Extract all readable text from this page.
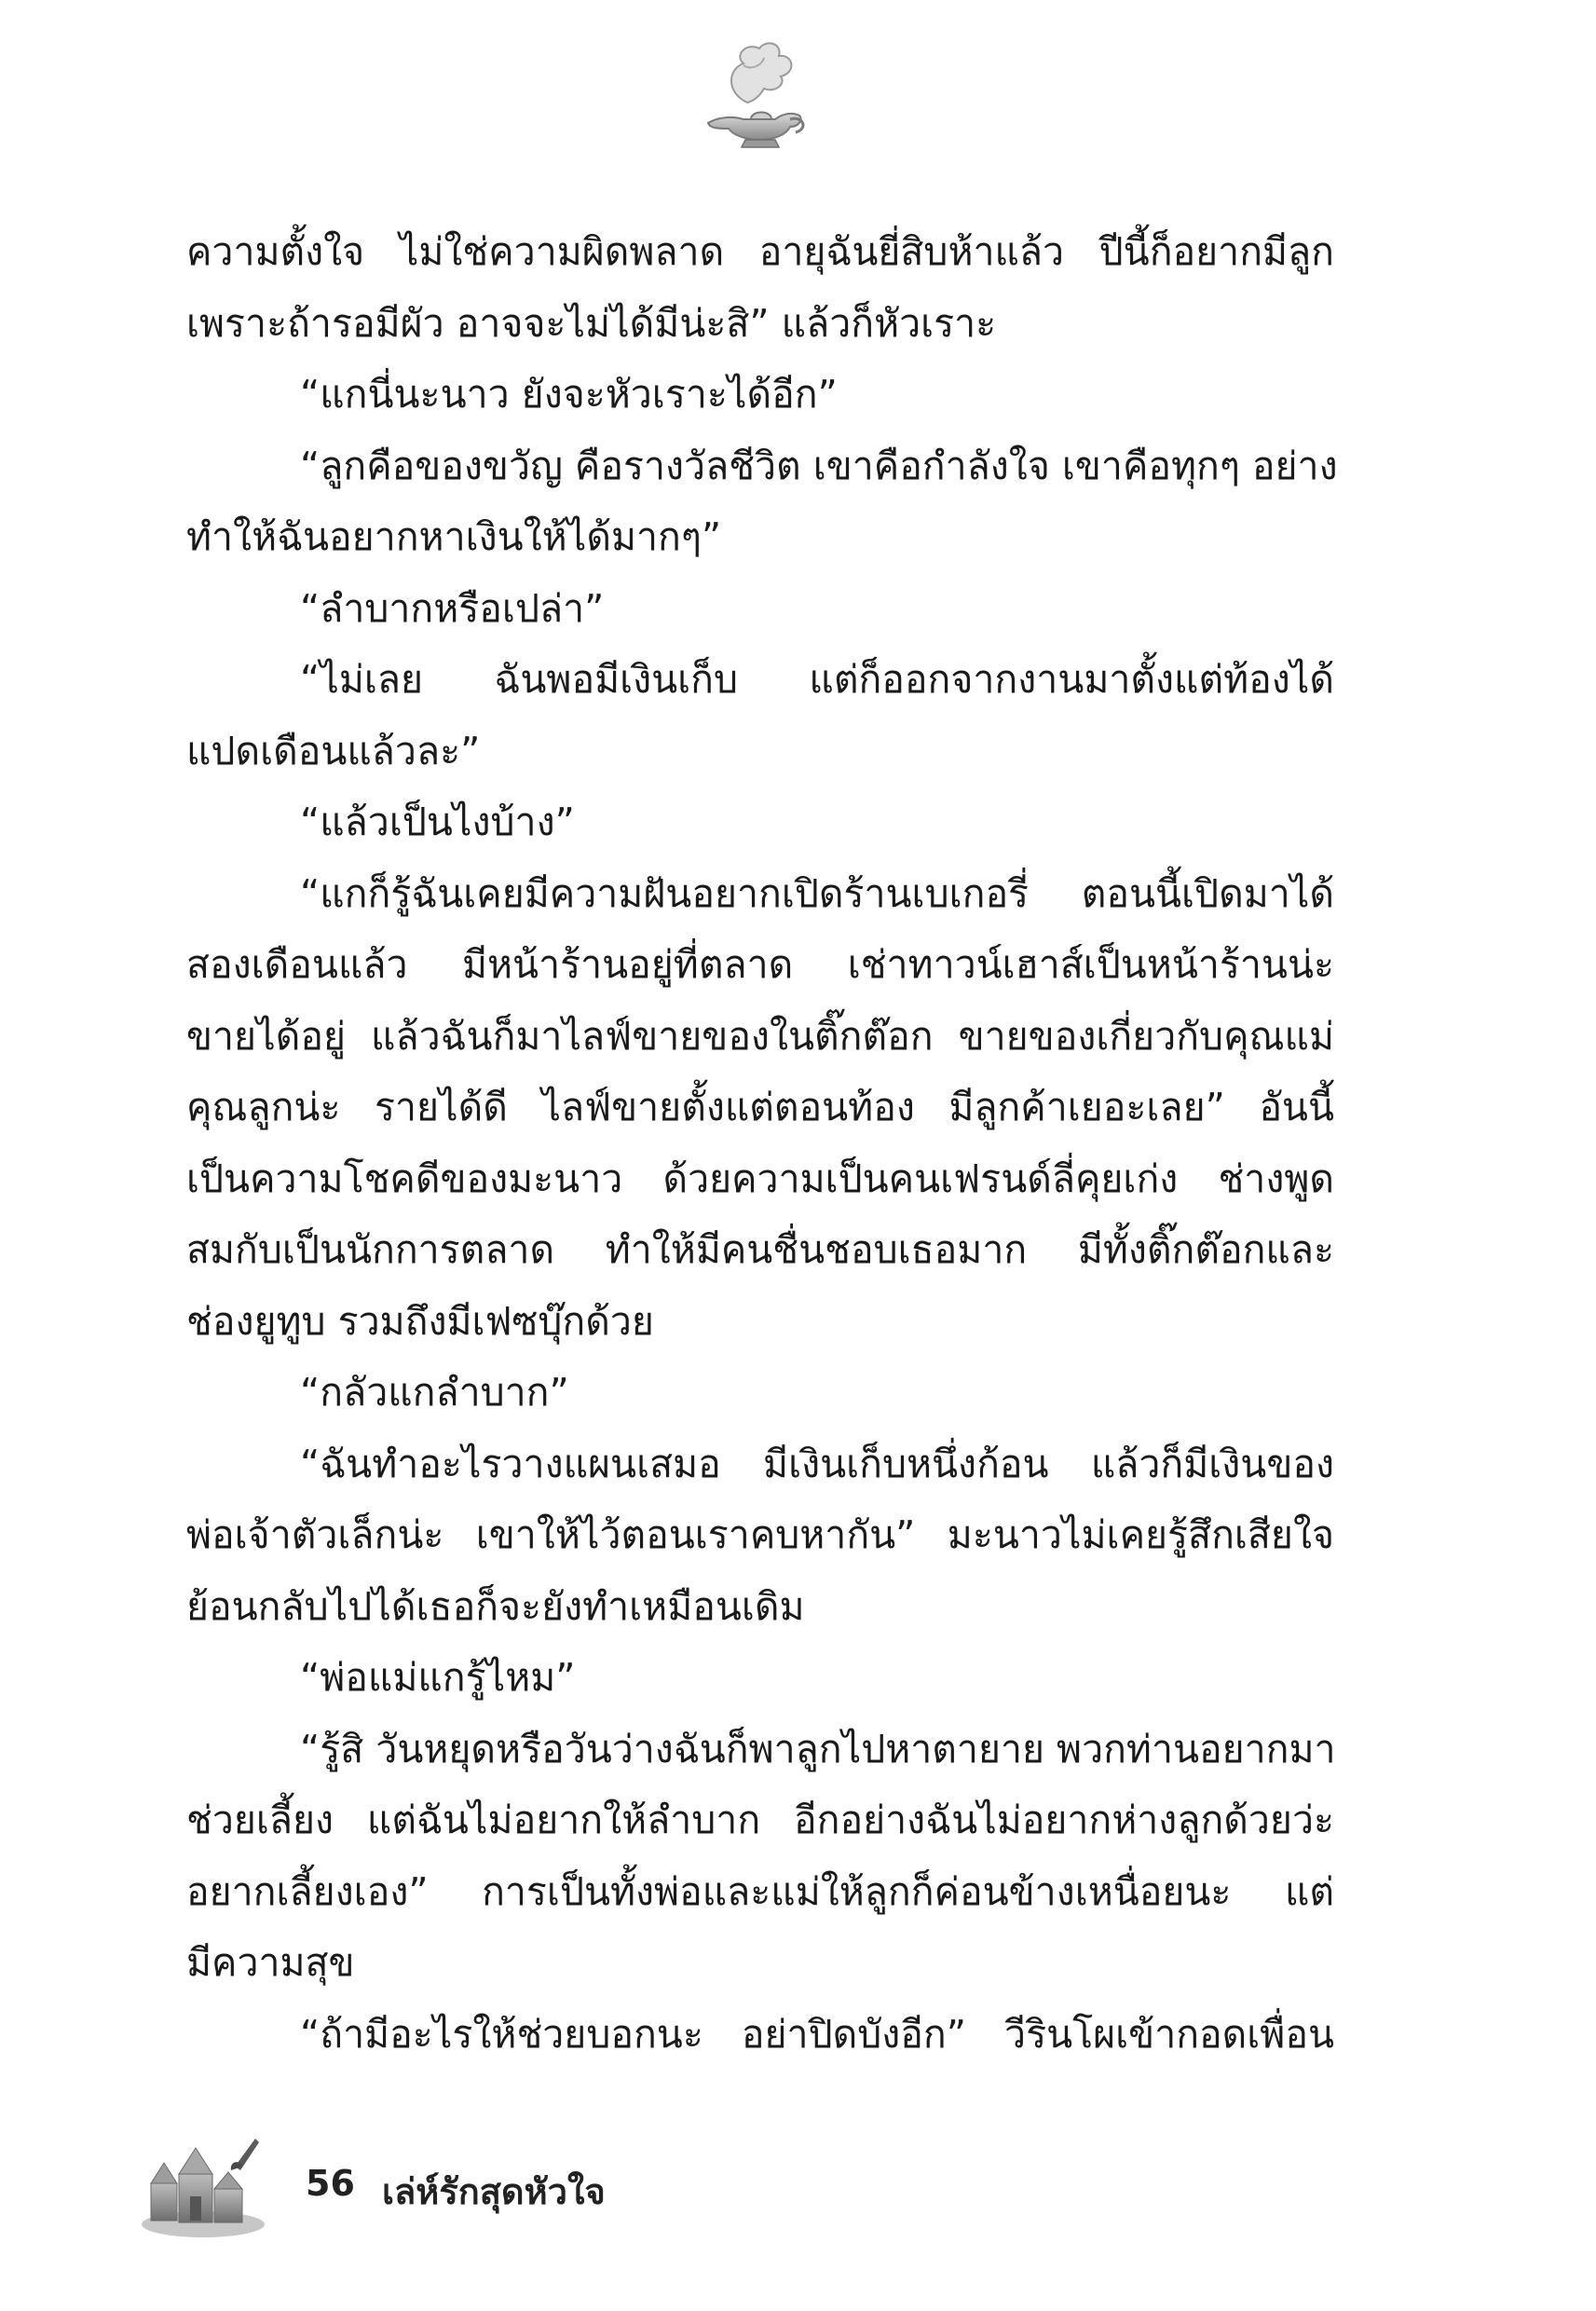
ความตั้งใจ ไม่ใช่ความผิดพลาด อายุฉันยี่สิบห้าแล้ว ปีนี้ก็อยากมีลูก
เพราะถ้ารอมีผัว อาจจะไม่ได้มีน่ะสิ” แล้วก็หัวเราะ
“แกนี่นะนาว ยังจะหัวเราะได้อีก”
“ลูกคือของขวัญ คือรางวัลชีวิต เขาคือกำลังใจ เขาคือทุกๆ อย่าง
ทำให้ฉันอยากหาเงินให้ได้มากๆ”
“ลำบากหรือเปล่า”
“ไม่เลย ฉันพอมีเงินเก็บ แต่ก็ออกจากงานมาตั้งแต่ท้องได้
แปดเดือนแล้วละ”
“แล้วเป็นไงบ้าง”
“แกก็รู้ฉันเคยมีความฝันอยากเปิดร้านเบเกอรี่ ตอนนี้เปิดมาได้
สองเดือนแล้ว มีหน้าร้านอยู่ที่ตลาด เช่าทาวน์เฮาส์เป็นหน้าร้านน่ะ
ขายได้อยู่ แล้วฉันก็มาไลฟ์ขายของในติ๊กต๊อก ขายของเกี่ยวกับคุณแม่
คุณลูกน่ะ รายได้ดี ไลฟ์ขายตั้งแต่ตอนท้อง มีลูกค้าเยอะเลย” อันนี้
เป็นความโชคดีของมะนาว ด้วยความเป็นคนเฟรนด์ลี่คุยเก่ง ช่างพูด
สมกับเป็นนักการตลาด ทำให้มีคนชื่นชอบเธอมาก มีทั้งติ๊กต๊อกและ
ช่องยูทูบ รวมถึงมีเฟซบุ๊กด้วย
“กลัวแกลำบาก”
“ฉันทำอะไรวางแผนเสมอ มีเงินเก็บหนึ่งก้อน แล้วก็มีเงินของ
พ่อเจ้าตัวเล็กน่ะ เขาให้ไว้ตอนเราคบหากัน” มะนาวไม่เคยรู้สึกเสียใจ
ย้อนกลับไปได้เธอก็จะยังทำเหมือนเดิม
“พ่อแม่แกรู้ไหม”
“รู้สิ วันหยุดหรือวันว่างฉันก็พาลูกไปหาตายาย พวกท่านอยากมา
ช่วยเลี้ยง แต่ฉันไม่อยากให้ลำบาก อีกอย่างฉันไม่อยากห่างลูกด้วยว่ะ
อยากเลี้ยงเอง” การเป็นทั้งพ่อและแม่ให้ลูกก็ค่อนข้างเหนื่อยนะ แต่
มีความสุข
“ถ้ามีอะไรให้ช่วยบอกนะ อย่าปิดบังอีก” วีรินโผเข้ากอดเพื่อน
56 เล่ห์รักสุดหัวใจ
